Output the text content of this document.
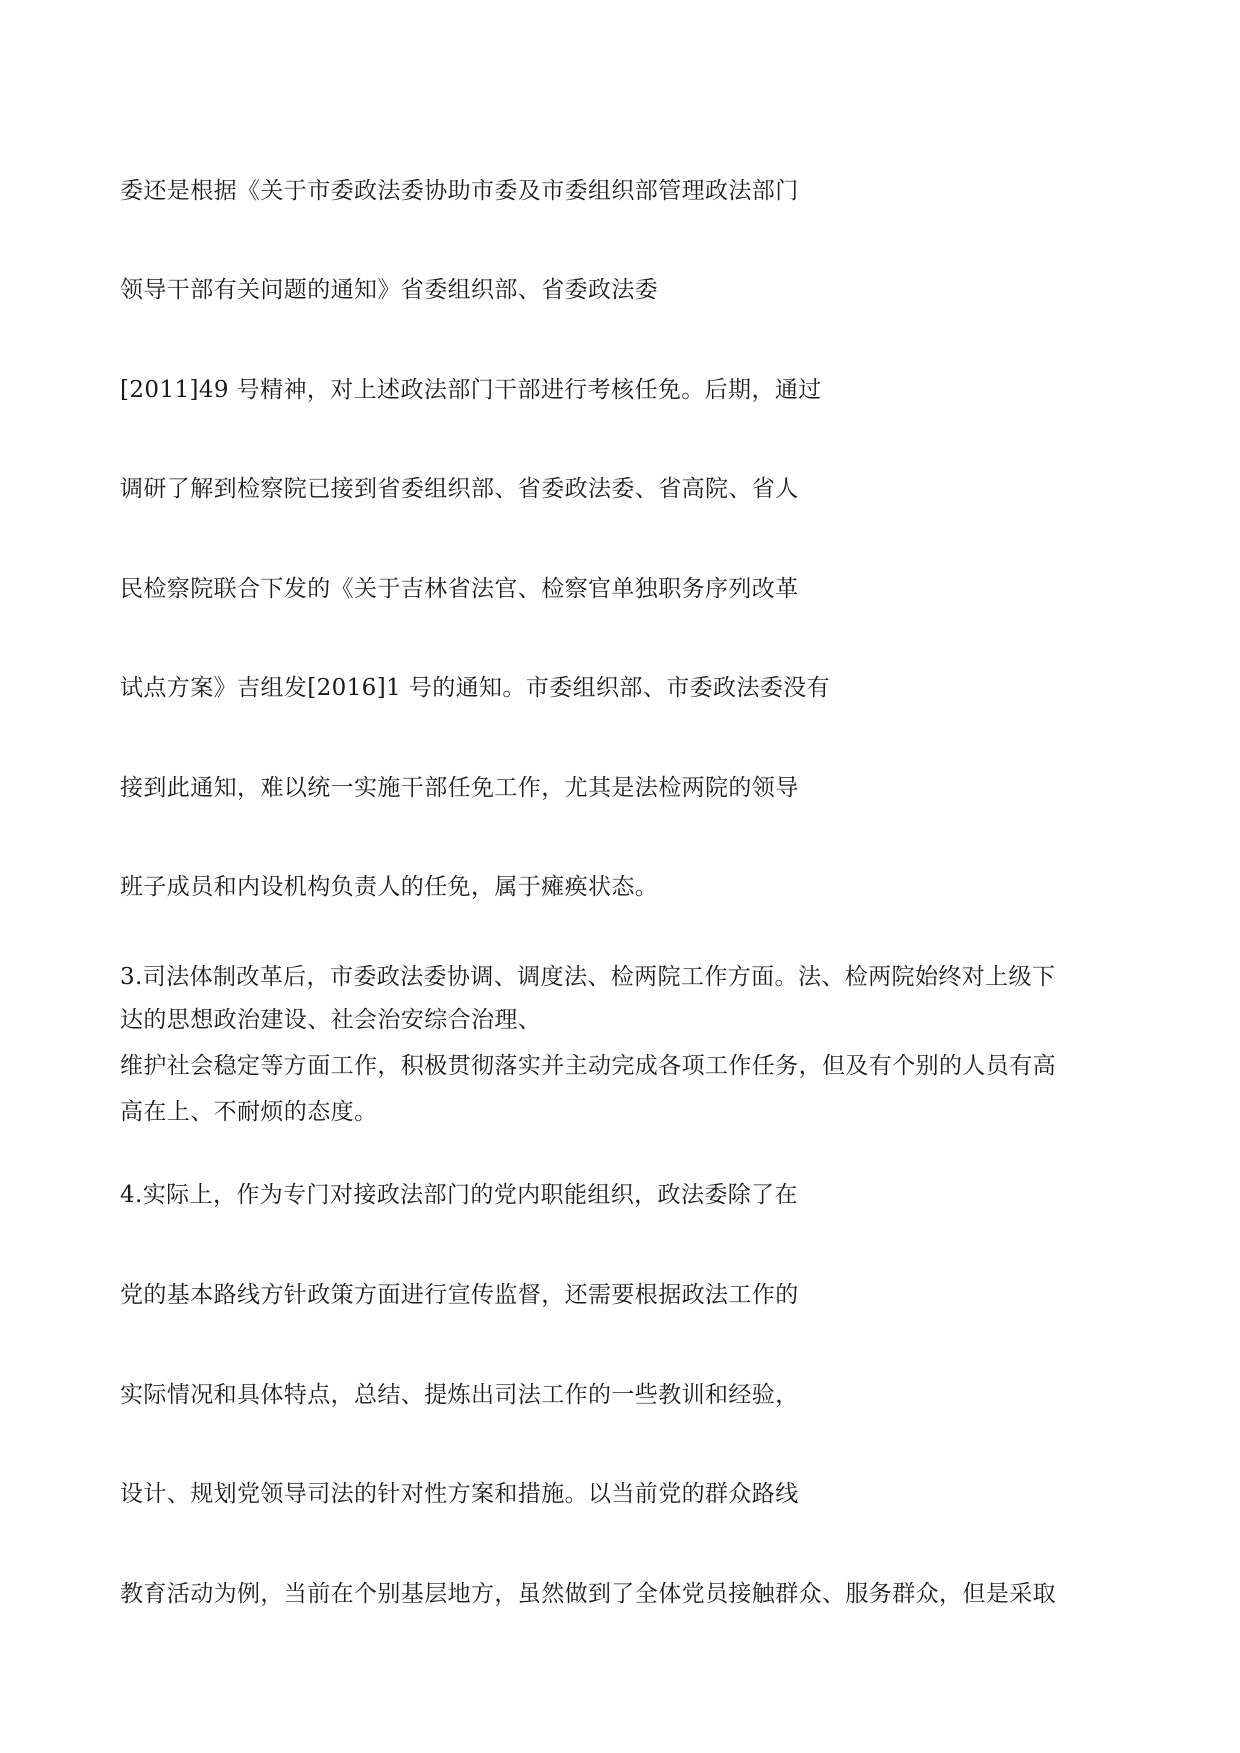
委还是根据《关于市委政法委协助市委及市委组织部管理政法部门

领导干部有关问题的通知》省委组织部、省委政法委

[2011]49 号精神，对上述政法部门干部进行考核任免。后期，通过

调研了解到检察院已接到省委组织部、省委政法委、省高院、省人

民检察院联合下发的《关于吉林省法官、检察官单独职务序列改革

试点方案》吉组发[2016]1 号的通知。市委组织部、市委政法委没有

接到此通知，难以统一实施干部任免工作，尤其是法检两院的领导

班子成员和内设机构负责人的任免，属于瘫痪状态。

3.司法体制改革后，市委政法委协调、调度法、检两院工作方面。法、检两院始终对上级下

达的思想政治建设、社会治安综合治理、

维护社会稳定等方面工作，积极贯彻落实并主动完成各项工作任务，但及有个别的人员有高

高在上、不耐烦的态度。

4.实际上，作为专门对接政法部门的党内职能组织，政法委除了在

党的基本路线方针政策方面进行宣传监督，还需要根据政法工作的

实际情况和具体特点，总结、提炼出司法工作的一些教训和经验，

设计、规划党领导司法的针对性方案和措施。以当前党的群众路线

教育活动为例，当前在个别基层地方，虽然做到了全体党员接触群众、服务群众，但是采取
